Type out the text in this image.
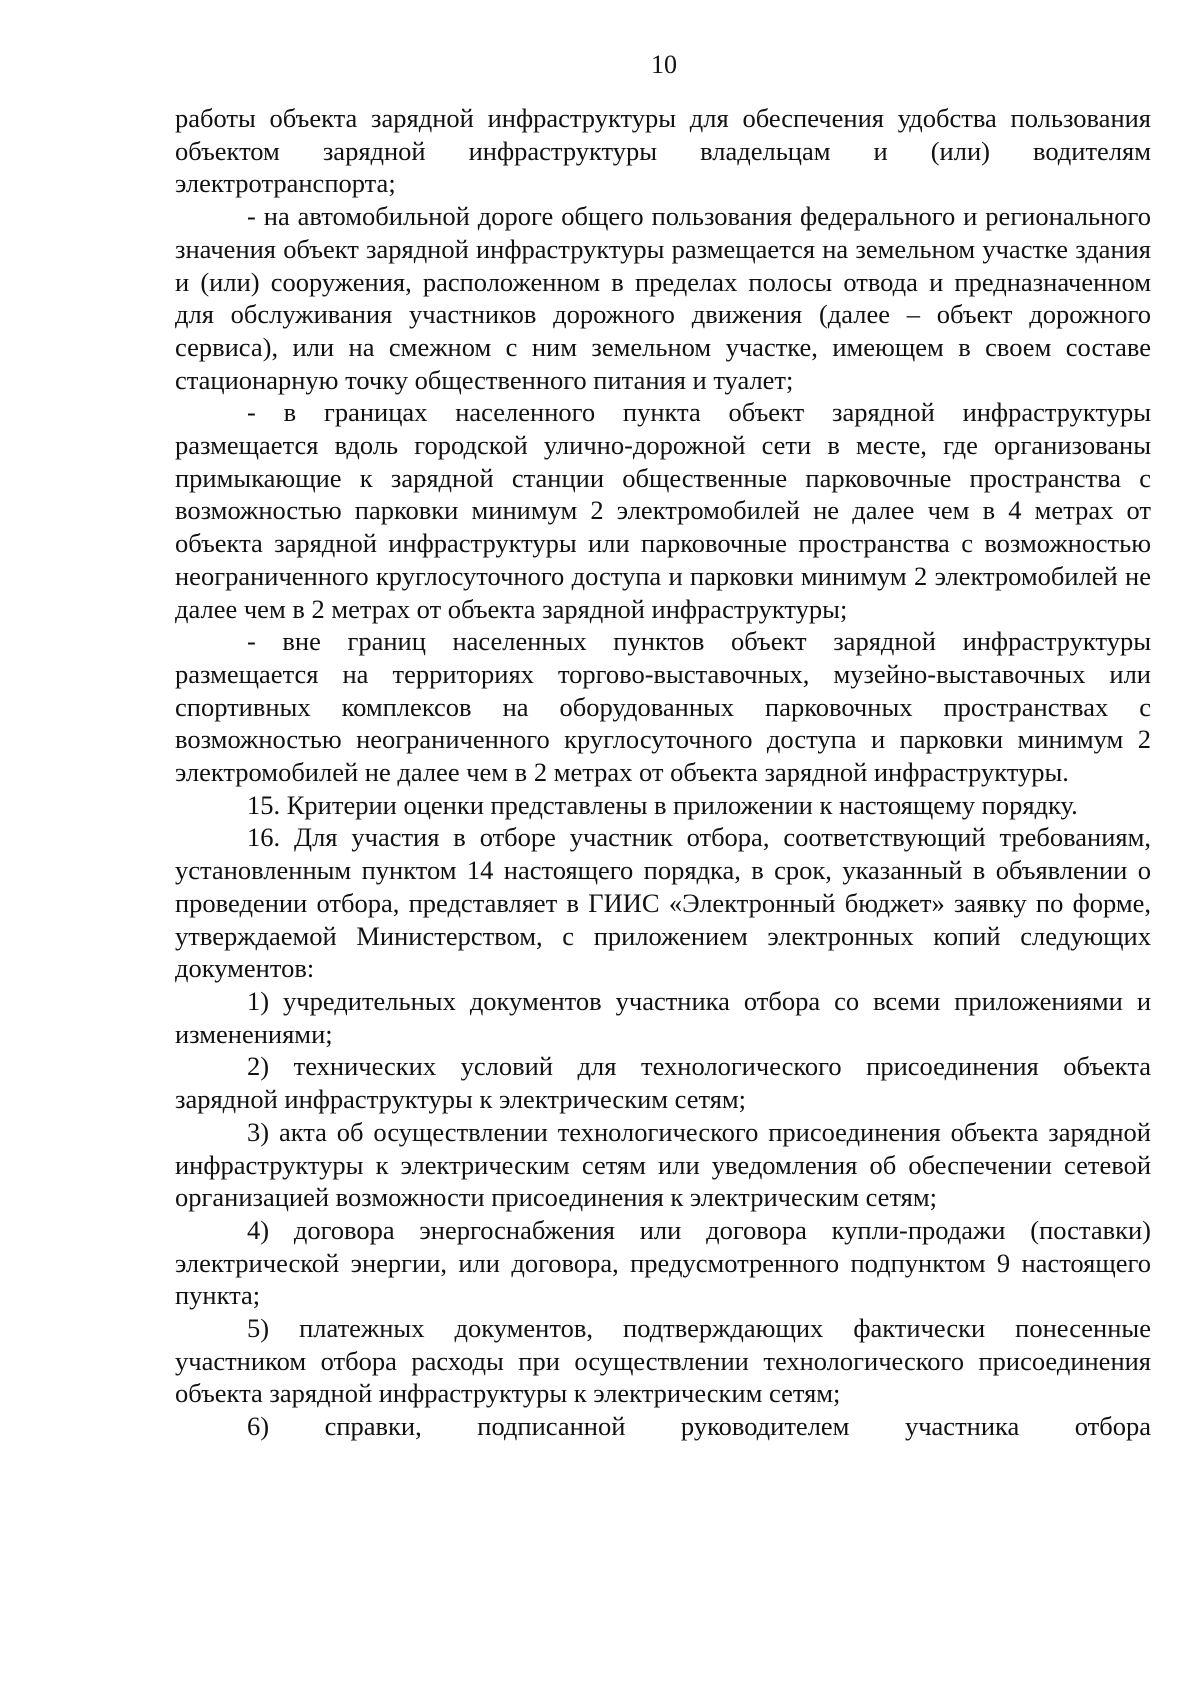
10

работы объекта зарядной инфраструктуры для обеспечения удобства пользования объектом зарядной инфраструктуры владельцам и (или) водителям электротранспорта;

- на автомобильной дороге общего пользования федерального и регионального значения объект зарядной инфраструктуры размещается на земельном участке здания и (или) сооружения, расположенном в пределах полосы отвода и предназначенном для обслуживания участников дорожного движения (далее – объект дорожного сервиса), или на смежном с ним земельном участке, имеющем в своем составе стационарную точку общественного питания и туалет;

- в границах населенного пункта объект зарядной инфраструктуры размещается вдоль городской улично-дорожной сети в месте, где организованы примыкающие к зарядной станции общественные парковочные пространства с возможностью парковки минимум 2 электромобилей не далее чем в 4 метрах от объекта зарядной инфраструктуры или парковочные пространства с возможностью неограниченного круглосуточного доступа и парковки минимум 2 электромобилей не далее чем в 2 метрах от объекта зарядной инфраструктуры;

- вне границ населенных пунктов объект зарядной инфраструктуры размещается на территориях торгово-выставочных, музейно-выставочных или спортивных комплексов на оборудованных парковочных пространствах с возможностью неограниченного круглосуточного доступа и парковки минимум 2 электромобилей не далее чем в 2 метрах от объекта зарядной инфраструктуры.

15. Критерии оценки представлены в приложении к настоящему порядку.

16. Для участия в отборе участник отбора, соответствующий требованиям, установленным пунктом 14 настоящего порядка, в срок, указанный в объявлении о проведении отбора, представляет в ГИИС «Электронный бюджет» заявку по форме, утверждаемой Министерством, с приложением электронных копий следующих документов:

1) учредительных документов участника отбора со всеми приложениями и изменениями;

2) технических условий для технологического присоединения объекта зарядной инфраструктуры к электрическим сетям;

3) акта об осуществлении технологического присоединения объекта зарядной инфраструктуры к электрическим сетям или уведомления об обеспечении сетевой организацией возможности присоединения к электрическим сетям;

4) договора энергоснабжения или договора купли-продажи (поставки) электрической энергии, или договора, предусмотренного подпунктом 9 настоящего пункта;

5) платежных документов, подтверждающих фактически понесенные участником отбора расходы при осуществлении технологического присоединения объекта зарядной инфраструктуры к электрическим сетям;

6) справки, подписанной руководителем участника отбора
